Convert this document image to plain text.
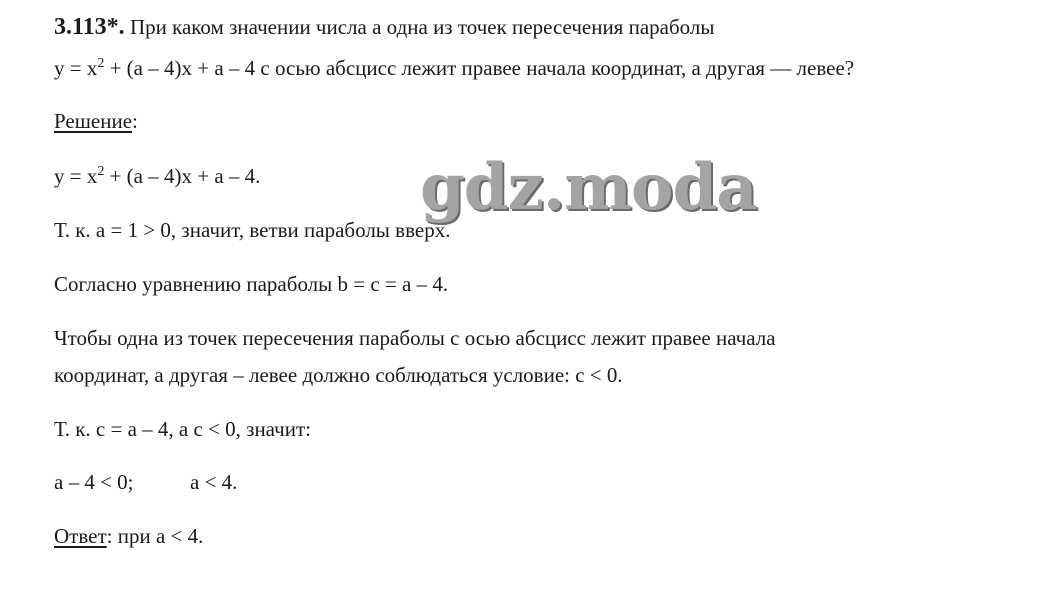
3.113*. При каком значении числа a одна из точек пересечения параболы
$y = x^2 + (a - 4)x + a - 4$ с осью абсцисс лежит правее начала координат, а другая — левее?
Решение:
$y = x^2 + (a - 4)x + a - 4$.
Т. к. a = 1 > 0, значит, ветви параболы вверх.
Согласно уравнению параболы b = c = a – 4.
Чтобы одна из точек пересечения параболы с осью абсцисс лежит правее начала
координат, а другая – левее должно соблюдаться условие: c < 0.
Т. к. c = a – 4, a c < 0, значит:
a – 4 < 0;	a < 4.
Ответ: при a < 4.
gdz.moda
